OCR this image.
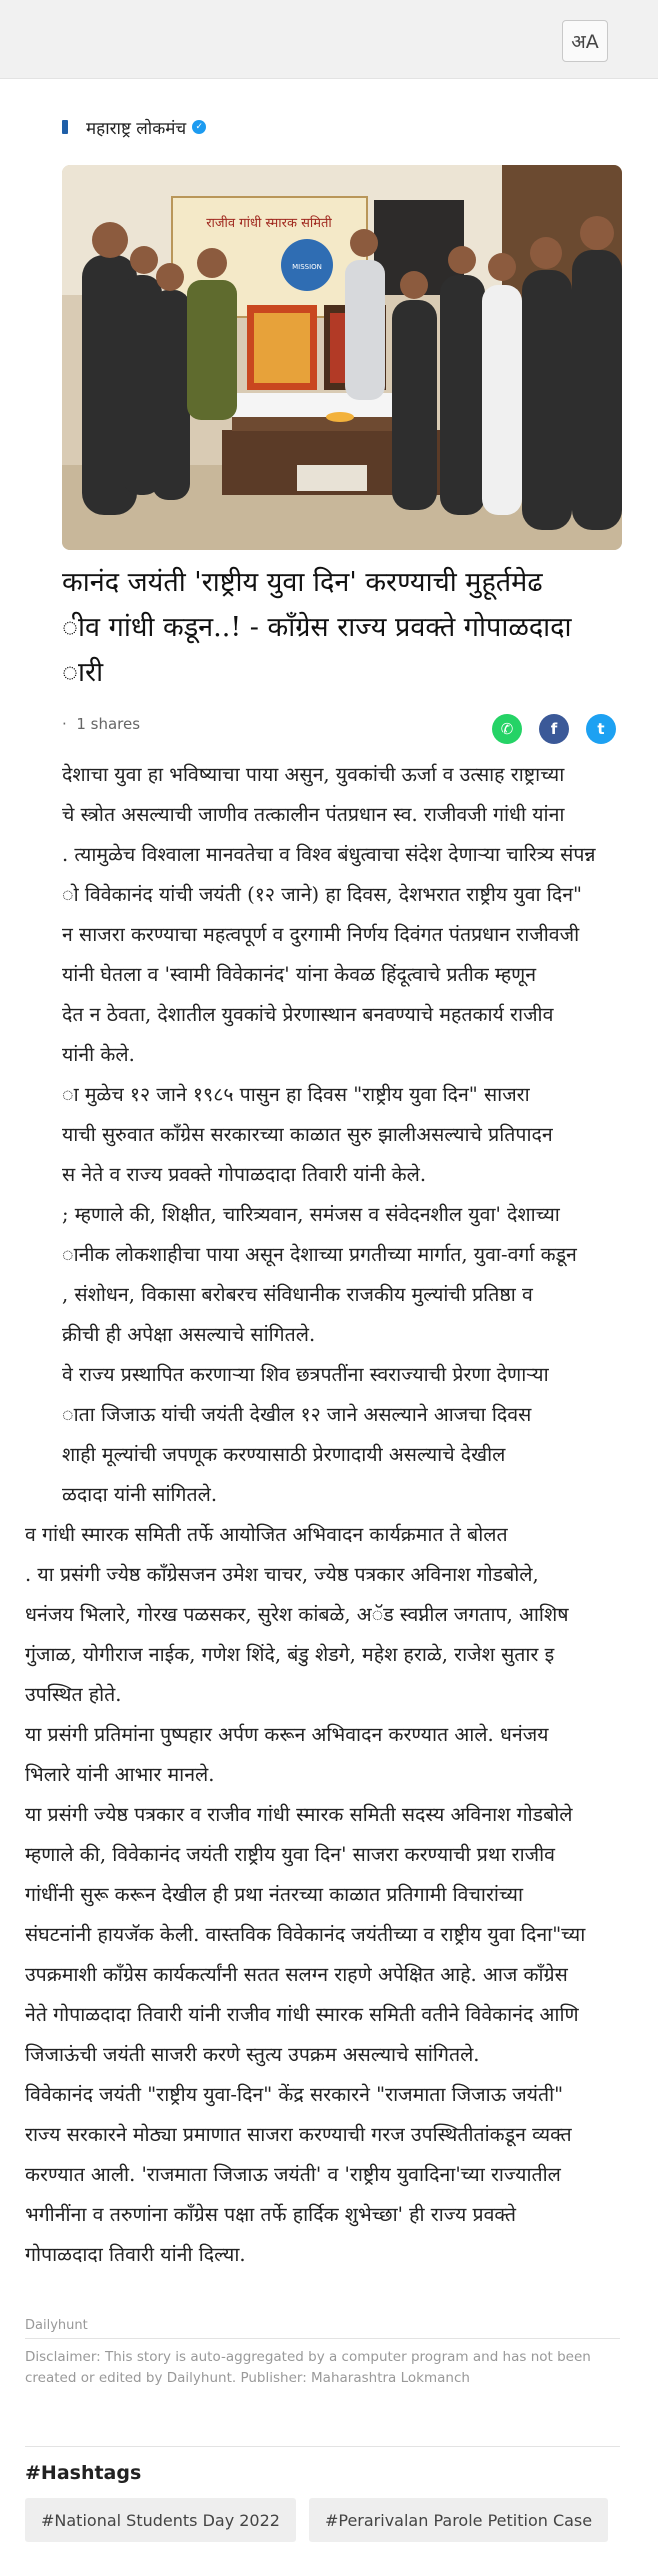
अA
महाराष्ट्र लोकमंच	✓
राजीव गांधी स्मारक समिती
MISSION
कानंद जयंती 'राष्ट्रीय युवा दिन' करण्याची मुहूर्तमेढ
ीव गांधी कडून..! - काँग्रेस राज्य प्रवक्ते गोपाळदादा
ारी
·  1 shares	✆	f	t

देशाचा युवा हा भविष्याचा पाया असुन, युवकांची ऊर्जा व उत्साह राष्ट्राच्या
चे स्त्रोत असल्याची जाणीव तत्कालीन पंतप्रधान स्व. राजीवजी गांधी यांना
. त्यामुळेच विश्वाला मानवतेचा व विश्व बंधुत्वाचा संदेश देणाऱ्या चारित्र्य संपन्न
ो विवेकानंद यांची जयंती (१२ जाने) हा दिवस, देशभरात राष्ट्रीय युवा दिन"
न साजरा करण्याचा महत्वपूर्ण व दुरगामी निर्णय दिवंगत पंतप्रधान राजीवजी
यांनी घेतला व 'स्वामी विवेकानंद' यांना केवळ हिंदूत्वाचे प्रतीक म्हणून
देत न ठेवता, देशातील युवकांचे प्रेरणास्थान बनवण्याचे महतकार्य राजीव
यांनी केले.

ा मुळेच १२ जाने १९८५ पासुन हा दिवस "राष्ट्रीय युवा दिन" साजरा
याची सुरुवात काँग्रेस सरकारच्या काळात सुरु झालीअसल्याचे प्रतिपादन
स नेते व राज्य प्रवक्ते गोपाळदादा तिवारी यांनी केले.

; म्हणाले की, शिक्षीत, चारित्र्यवान, समंजस व संवेदनशील युवा' देशाच्या
ानीक लोकशाहीचा पाया असून देशाच्या प्रगतीच्या मार्गात, युवा-वर्गा कडून
, संशोधन, विकासा बरोबरच संविधानीक राजकीय मुल्यांची प्रतिष्ठा व
क्रीची ही अपेक्षा असल्याचे सांगितले.

वे राज्य प्रस्थापित करणाऱ्या शिव छत्रपतींना स्वराज्याची प्रेरणा देणाऱ्या
ाता जिजाऊ यांची जयंती देखील १२ जाने असल्याने आजचा दिवस
शाही मूल्यांची जपणूक करण्यासाठी प्रेरणादायी असल्याचे देखील
ळदादा यांनी सांगितले.

व गांधी स्मारक समिती तर्फे आयोजित अभिवादन कार्यक्रमात ते बोलत
. या प्रसंगी ज्येष्ठ काँग्रेसजन उमेश चाचर, ज्येष्ठ पत्रकार अविनाश गोडबोले,
धनंजय भिलारे, गोरख पळसकर, सुरेश कांबळे, अॅड स्वप्नील जगताप, आशिष
गुंजाळ, योगीराज नाईक, गणेश शिंदे, बंडु शेडगे, महेश हराळे, राजेश सुतार इ
उपस्थित होते.

या प्रसंगी प्रतिमांना पुष्पहार अर्पण करून अभिवादन करण्यात आले. धनंजय
भिलारे यांनी आभार मानले.

या प्रसंगी ज्येष्ठ पत्रकार व राजीव गांधी स्मारक समिती सदस्य अविनाश गोडबोले
म्हणाले की, विवेकानंद जयंती राष्ट्रीय युवा दिन' साजरा करण्याची प्रथा राजीव
गांधींनी सुरू करून देखील ही प्रथा नंतरच्या काळात प्रतिगामी विचारांच्या
संघटनांनी हायजॅक केली. वास्तविक विवेकानंद जयंतीच्या व राष्ट्रीय युवा दिना"च्या
उपक्रमाशी काँग्रेस कार्यकर्त्यांनी सतत सलग्न राहणे अपेक्षित आहे. आज काँग्रेस
नेते गोपाळदादा तिवारी यांनी राजीव गांधी स्मारक समिती वतीने विवेकानंद आणि
जिजाऊंची जयंती साजरी करणे स्तुत्य उपक्रम असल्याचे सांगितले.

विवेकानंद जयंती "राष्ट्रीय युवा-दिन" केंद्र सरकारने "राजमाता जिजाऊ जयंती"
राज्य सरकारने मोठ्या प्रमाणात साजरा करण्याची गरज उपस्थितीतांकडून व्यक्त
करण्यात आली. 'राजमाता जिजाऊ जयंती' व 'राष्ट्रीय युवादिना'च्या राज्यातील
भगीनींना व तरुणांना काँग्रेस पक्षा तर्फे हार्दिक शुभेच्छा' ही राज्य प्रवक्ते
गोपाळदादा तिवारी यांनी दिल्या.

Dailyhunt

Disclaimer: This story is auto-aggregated by a computer program and has not been created or edited by Dailyhunt. Publisher: Maharashtra Lokmanch

#Hashtags
#National Students Day 2022	#Perarivalan Parole Petition Case
